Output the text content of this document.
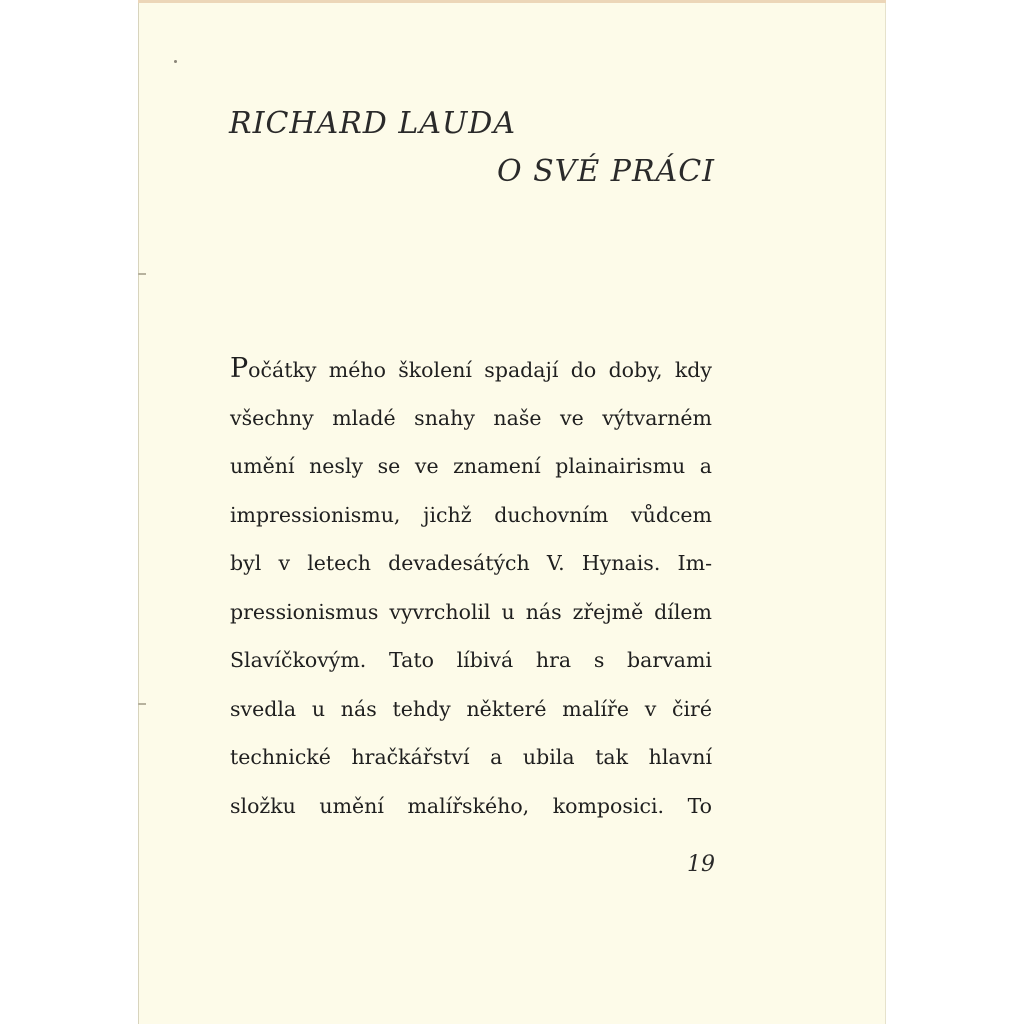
RICHARD LAUDA
O SVÉ PRÁCI
Počátky mého školení spadají do doby, kdy
všechny mladé snahy naše ve výtvarném
umění nesly se ve znamení plainairismu a
impressionismu, jichž duchovním vůdcem
byl v letech devadesátých V. Hynais. Im-
pressionismus vyvrcholil u nás zřejmě dílem
Slavíčkovým. Tato líbivá hra s barvami
svedla u nás tehdy některé malíře v čiré
technické hračkářství a ubila tak hlavní
složku umění malířského, komposici. To
19
